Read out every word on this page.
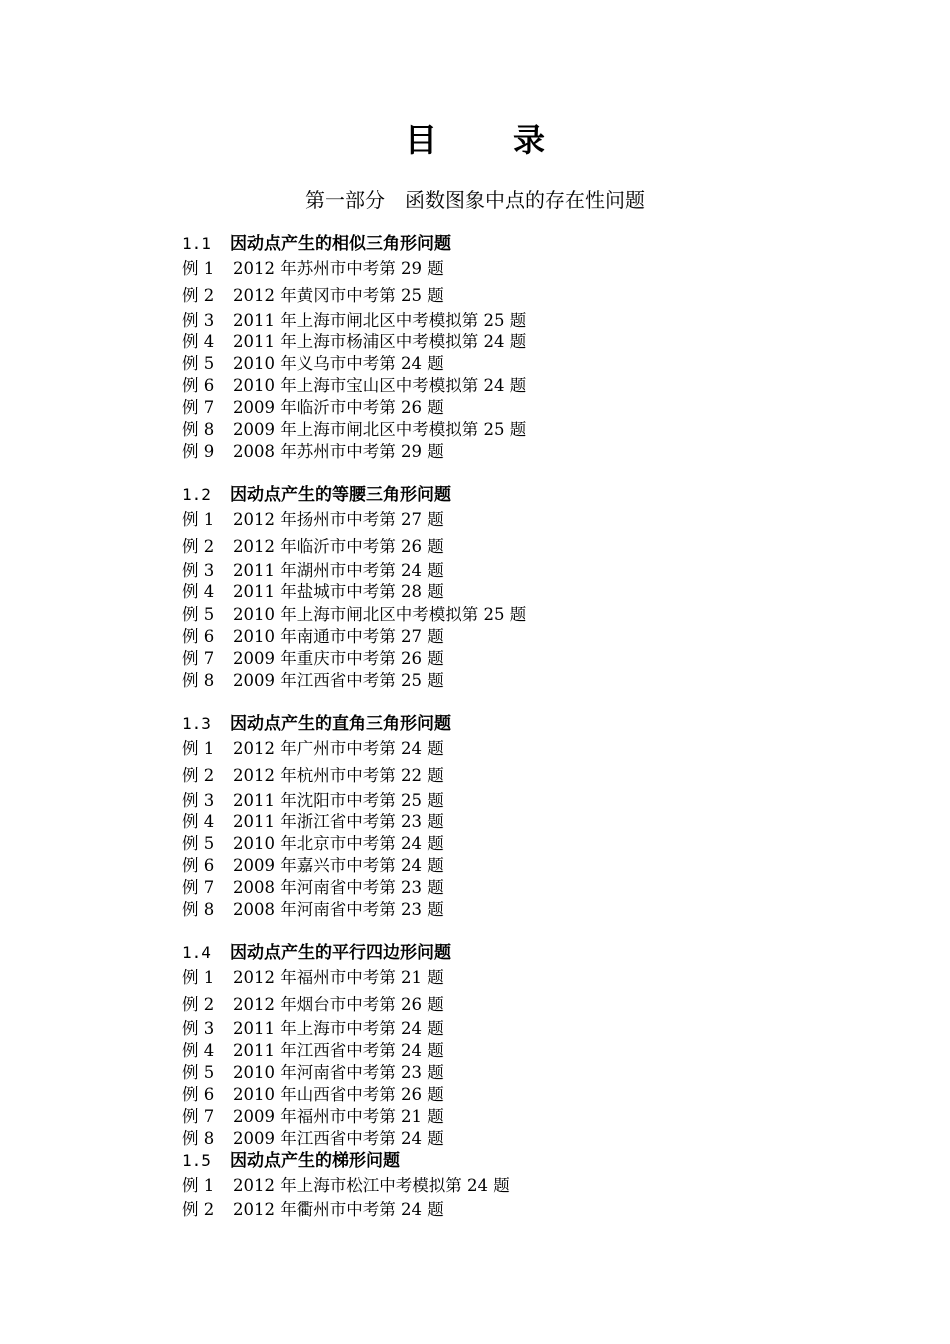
目　录
第一部分　函数图象中点的存在性问题
1.1 因动点产生的相似三角形问题
例 1 2012 年苏州市中考第 29 题
例 2 2012 年黄冈市中考第 25 题
例 3 2011 年上海市闸北区中考模拟第 25 题
例 4 2011 年上海市杨浦区中考模拟第 24 题
例 5 2010 年义乌市中考第 24 题
例 6 2010 年上海市宝山区中考模拟第 24 题
例 7 2009 年临沂市中考第 26 题
例 8 2009 年上海市闸北区中考模拟第 25 题
例 9 2008 年苏州市中考第 29 题
1.2 因动点产生的等腰三角形问题
例 1 2012 年扬州市中考第 27 题
例 2 2012 年临沂市中考第 26 题
例 3 2011 年湖州市中考第 24 题
例 4 2011 年盐城市中考第 28 题
例 5 2010 年上海市闸北区中考模拟第 25 题
例 6 2010 年南通市中考第 27 题
例 7 2009 年重庆市中考第 26 题
例 8 2009 年江西省中考第 25 题
1.3 因动点产生的直角三角形问题
例 1 2012 年广州市中考第 24 题
例 2 2012 年杭州市中考第 22 题
例 3 2011 年沈阳市中考第 25 题
例 4 2011 年浙江省中考第 23 题
例 5 2010 年北京市中考第 24 题
例 6 2009 年嘉兴市中考第 24 题
例 7 2008 年河南省中考第 23 题
例 8 2008 年河南省中考第 23 题
1.4 因动点产生的平行四边形问题
例 1 2012 年福州市中考第 21 题
例 2 2012 年烟台市中考第 26 题
例 3 2011 年上海市中考第 24 题
例 4 2011 年江西省中考第 24 题
例 5 2010 年河南省中考第 23 题
例 6 2010 年山西省中考第 26 题
例 7 2009 年福州市中考第 21 题
例 8 2009 年江西省中考第 24 题
1.5 因动点产生的梯形问题
例 1 2012 年上海市松江中考模拟第 24 题
例 2 2012 年衢州市中考第 24 题
